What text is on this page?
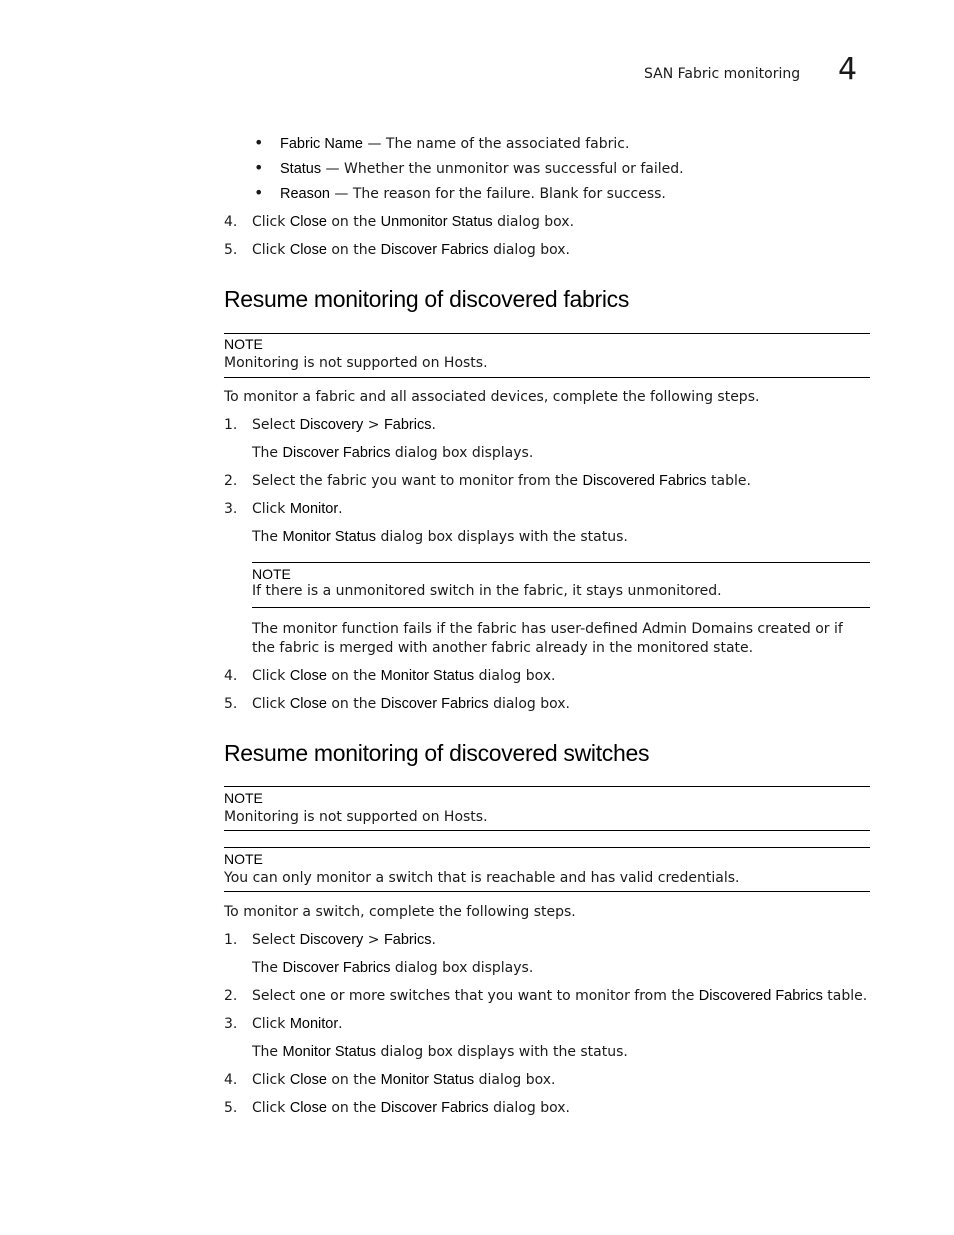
SAN Fabric monitoring 4
• Fabric Name — The name of the associated fabric.
• Status — Whether the unmonitor was successful or failed.
• Reason — The reason for the failure. Blank for success.
4. Click Close on the Unmonitor Status dialog box.
5. Click Close on the Discover Fabrics dialog box.
Resume monitoring of discovered fabrics
NOTE
Monitoring is not supported on Hosts.
To monitor a fabric and all associated devices, complete the following steps.
1. Select Discovery > Fabrics.
The Discover Fabrics dialog box displays.
2. Select the fabric you want to monitor from the Discovered Fabrics table.
3. Click Monitor.
The Monitor Status dialog box displays with the status.
NOTE
If there is a unmonitored switch in the fabric, it stays unmonitored.
The monitor function fails if the fabric has user-defined Admin Domains created or if the fabric is merged with another fabric already in the monitored state.
4. Click Close on the Monitor Status dialog box.
5. Click Close on the Discover Fabrics dialog box.
Resume monitoring of discovered switches
NOTE
Monitoring is not supported on Hosts.
NOTE
You can only monitor a switch that is reachable and has valid credentials.
To monitor a switch, complete the following steps.
1. Select Discovery > Fabrics.
The Discover Fabrics dialog box displays.
2. Select one or more switches that you want to monitor from the Discovered Fabrics table.
3. Click Monitor.
The Monitor Status dialog box displays with the status.
4. Click Close on the Monitor Status dialog box.
5. Click Close on the Discover Fabrics dialog box.
